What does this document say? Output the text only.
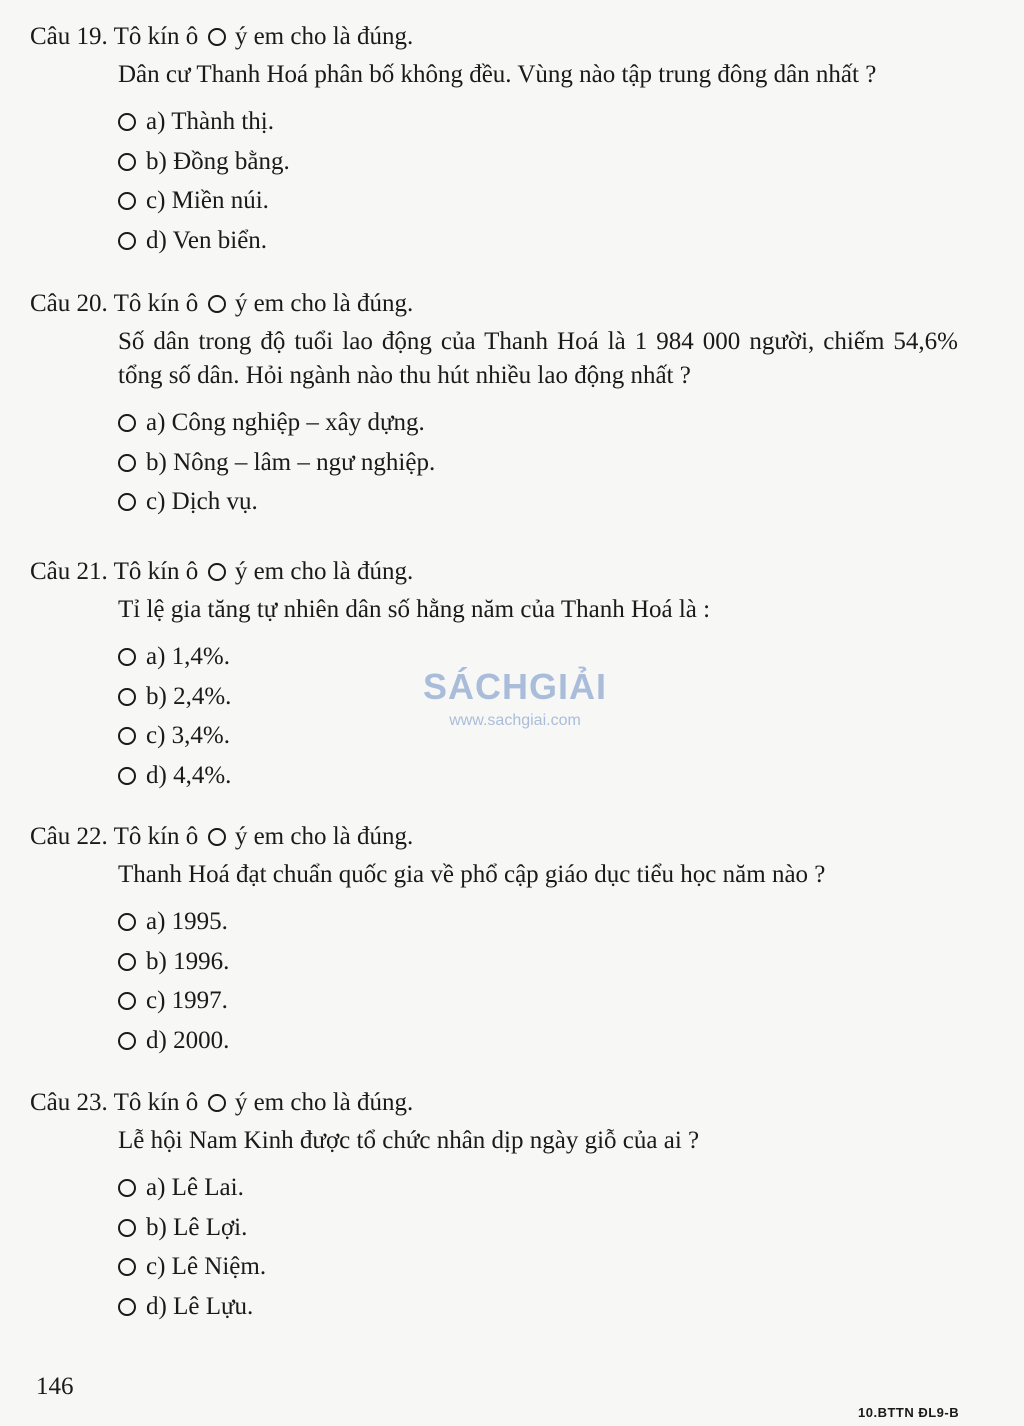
Câu 19. Tô kín ô ý em cho là đúng.
Dân cư Thanh Hoá phân bố không đều. Vùng nào tập trung đông dân nhất ?
a) Thành thị.
b) Đồng bằng.
c) Miền núi.
d) Ven biển.
Câu 20. Tô kín ô ý em cho là đúng.
Số dân trong độ tuổi lao động của Thanh Hoá là 1 984 000 người, chiếm 54,6% tổng số dân. Hỏi ngành nào thu hút nhiều lao động nhất ?
a) Công nghiệp – xây dựng.
b) Nông – lâm – ngư nghiệp.
c) Dịch vụ.
Câu 21. Tô kín ô ý em cho là đúng.
Tỉ lệ gia tăng tự nhiên dân số hằng năm của Thanh Hoá là :
a) 1,4%.
b) 2,4%.
c) 3,4%.
d) 4,4%.
Câu 22. Tô kín ô ý em cho là đúng.
Thanh Hoá đạt chuẩn quốc gia về phổ cập giáo dục tiểu học năm nào ?
a) 1995.
b) 1996.
c) 1997.
d) 2000.
Câu 23. Tô kín ô ý em cho là đúng.
Lễ hội Nam Kinh được tổ chức nhân dịp ngày giỗ của ai ?
a) Lê Lai.
b) Lê Lợi.
c) Lê Niệm.
d) Lê Lựu.
SÁCHGIẢI
www.sachgiai.com
146
10.BTTN ĐL9-B
